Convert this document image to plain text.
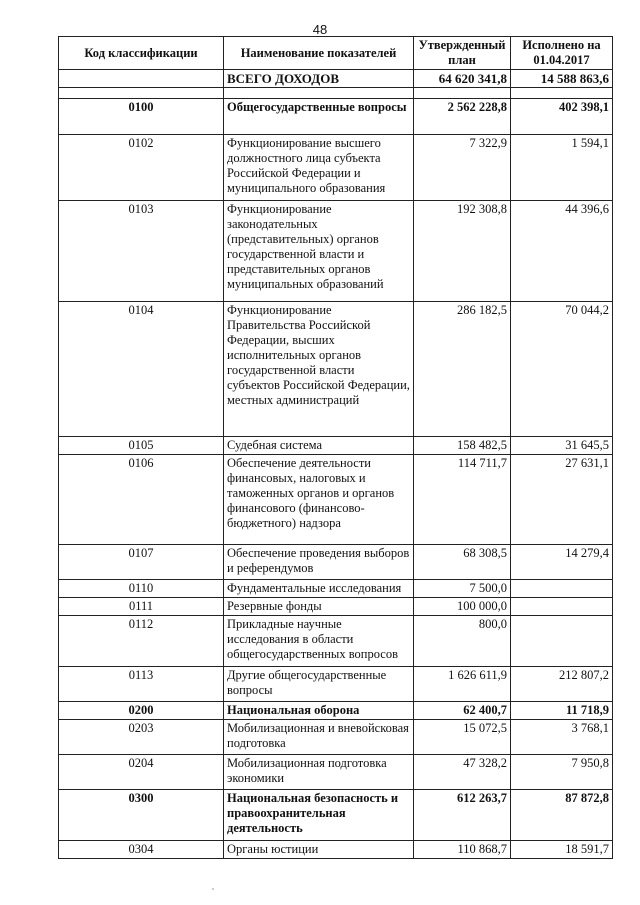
48
Код классификации	Наименование показателей	Утвержденный план	Исполнено на 01.04.2017
	ВСЕГО ДОХОДОВ	64 620 341,8	14 588 863,6

0100	Общегосударственные вопросы	2 562 228,8	402 398,1
0102	Функционирование высшего должностного лица субъекта Российской Федерации и муниципального образования	7 322,9	1 594,1
0103	Функционирование законодательных (представительных) органов государственной власти и представительных органов муниципальных образований	192 308,8	44 396,6
0104	Функционирование Правительства Российской Федерации, высших исполнительных органов государственной власти субъектов Российской Федерации, местных администраций	286 182,5	70 044,2
0105	Судебная система	158 482,5	31 645,5
0106	Обеспечение деятельности финансовых, налоговых и таможенных органов и органов финансового (финансово-бюджетного) надзора	114 711,7	27 631,1
0107	Обеспечение проведения выборов и референдумов	68 308,5	14 279,4
0110	Фундаментальные исследования	7 500,0	
0111	Резервные фонды	100 000,0	
0112	Прикладные научные исследования в области общегосударственных вопросов	800,0	
0113	Другие общегосударственные вопросы	1 626 611,9	212 807,2
0200	Национальная оборона	62 400,7	11 718,9
0203	Мобилизационная и вневойсковая подготовка	15 072,5	3 768,1
0204	Мобилизационная подготовка экономики	47 328,2	7 950,8
0300	Национальная безопасность и правоохранительная деятельность	612 263,7	87 872,8
0304	Органы юстиции	110 868,7	18 591,7
